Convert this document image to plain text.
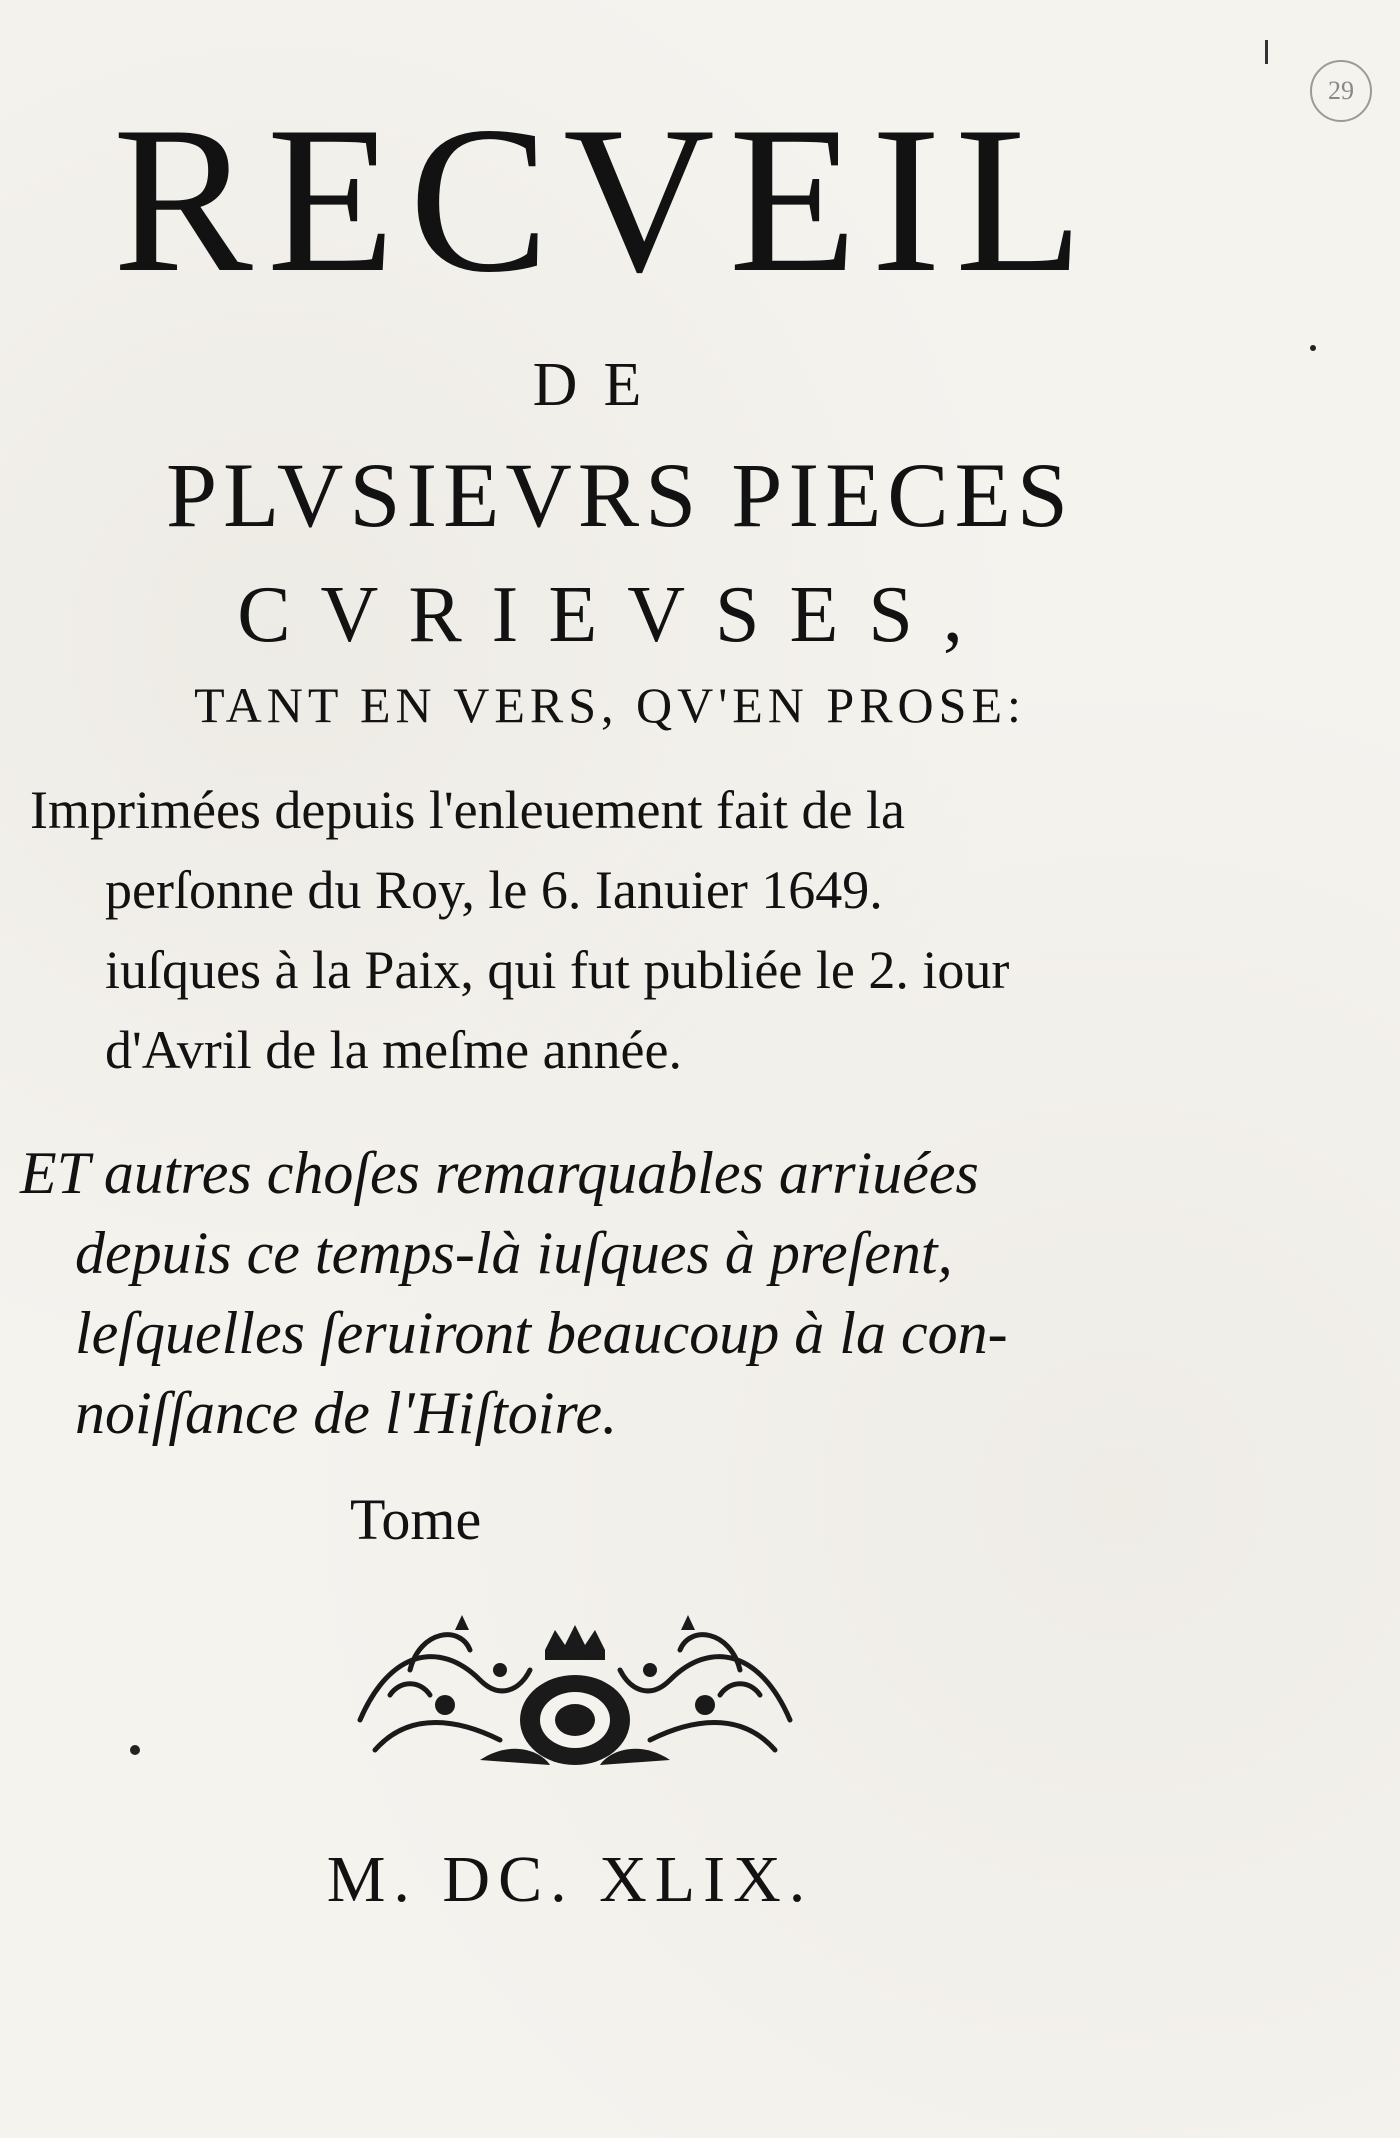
29

RECVEIL

DE

PLVSIEVRS PIECES

CVRIEVSES,

TANT EN VERS, QV'EN PROSE:

Imprimées depuis l'enleuement fait de la

perſonne du Roy, le 6. Ianuier 1649.

iuſques à la Paix, qui fut publiée le 2. iour

d'Avril de la meſme année.

ET autres choſes remarquables arriuées

depuis ce temps-là iuſques à preſent,

leſquelles ſeruiront beaucoup à la con-

noiſſance de l'Hiſtoire.

Tome

M. DC. XLIX.
